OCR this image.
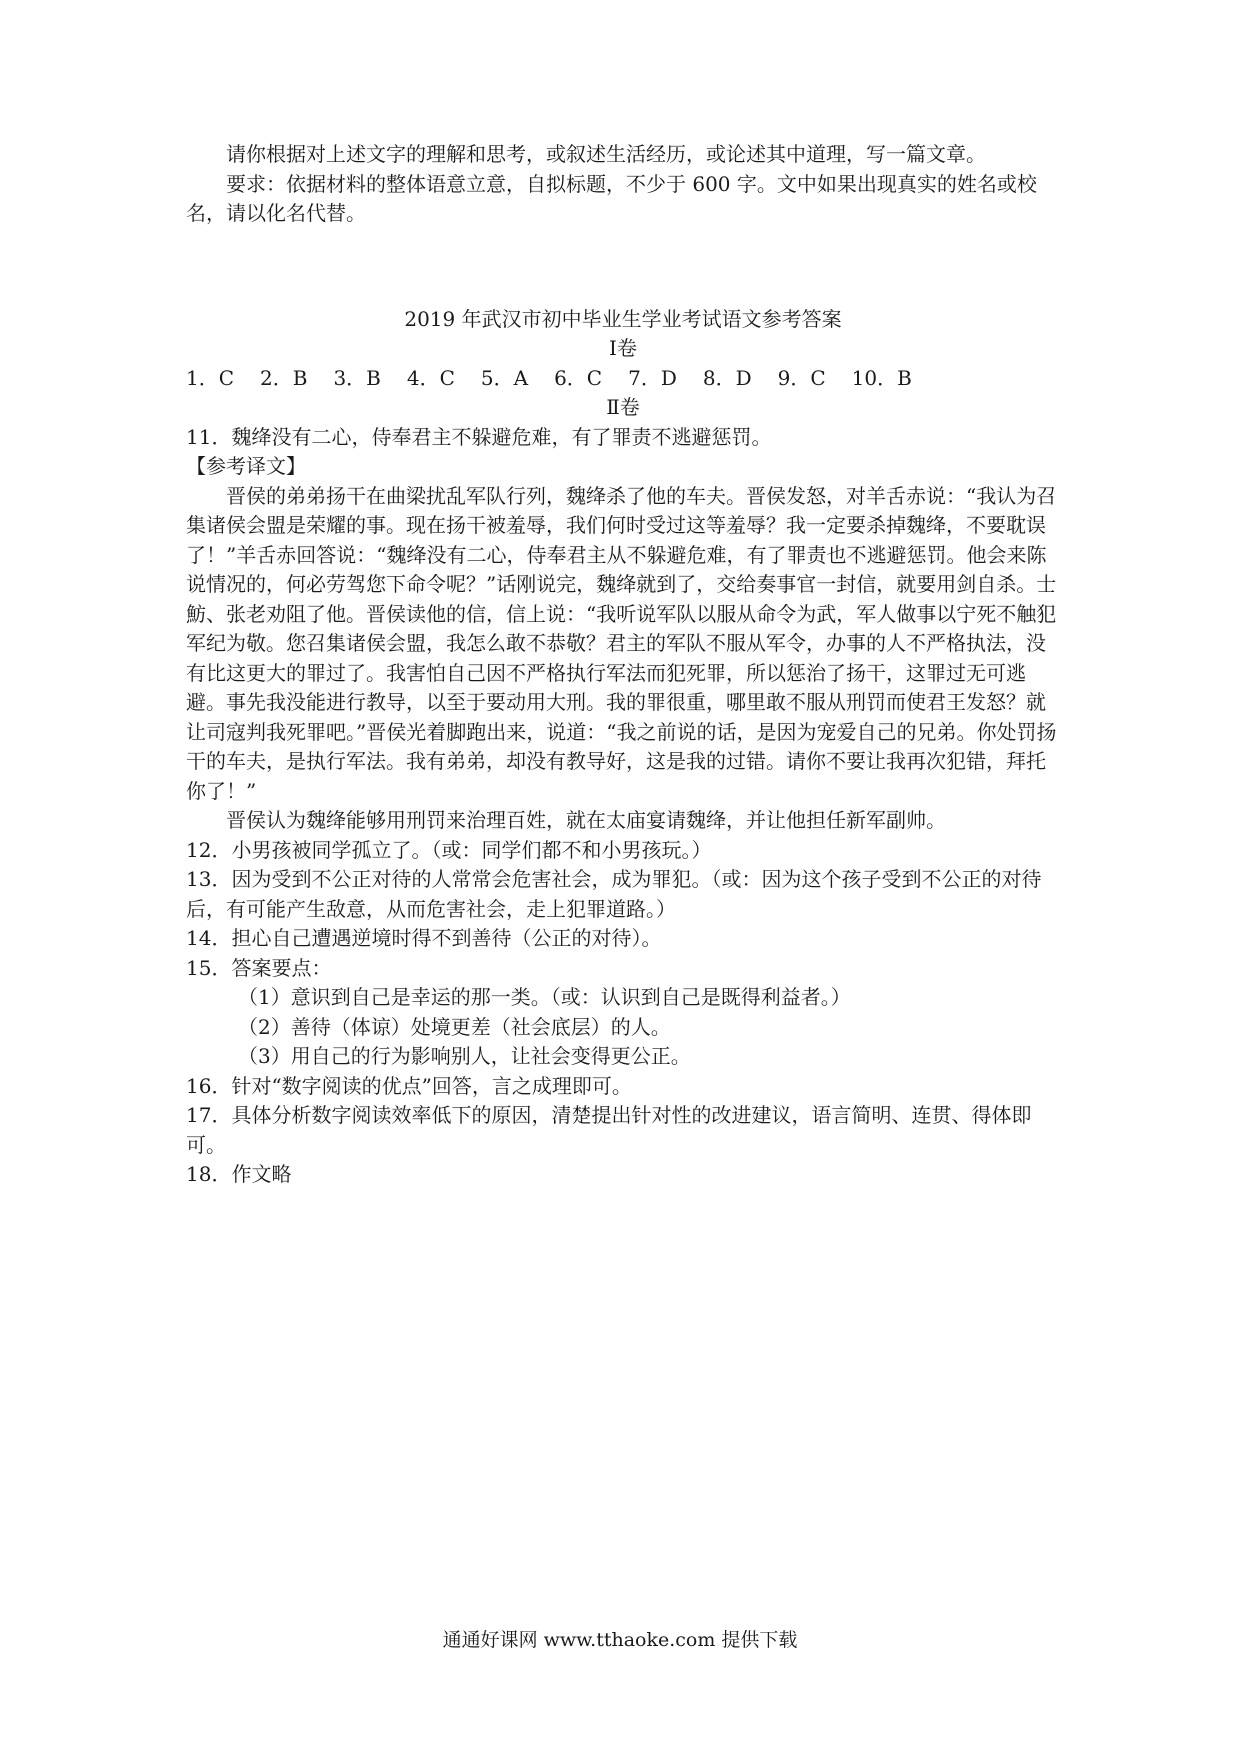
请你根据对上述文字的理解和思考，或叙述生活经历，或论述其中道理，写一篇文章。

要求：依据材料的整体语意立意，自拟标题，不少于 600 字。文中如果出现真实的姓名或校名，请以化名代替。

2019 年武汉市初中毕业生学业考试语文参考答案

Ⅰ卷

1．C 2．B 3．B 4．C 5．A 6．C 7．D 8．D 9．C 10．B

Ⅱ卷

11．魏绛没有二心，侍奉君主不躲避危难，有了罪责不逃避惩罚。

【参考译文】

晋侯的弟弟扬干在曲梁扰乱军队行列，魏绛杀了他的车夫。晋侯发怒，对羊舌赤说：“我认为召集诸侯会盟是荣耀的事。现在扬干被羞辱，我们何时受过这等羞辱？我一定要杀掉魏绛，不要耽误了！”羊舌赤回答说：“魏绛没有二心，侍奉君主从不躲避危难，有了罪责也不逃避惩罚。他会来陈说情况的，何必劳驾您下命令呢？”话刚说完，魏绛就到了，交给奏事官一封信，就要用剑自杀。士魴、张老劝阻了他。晋侯读他的信，信上说：“我听说军队以服从命令为武，军人做事以宁死不触犯军纪为敬。您召集诸侯会盟，我怎么敢不恭敬？君主的军队不服从军令，办事的人不严格执法，没有比这更大的罪过了。我害怕自己因不严格执行军法而犯死罪，所以惩治了扬干，这罪过无可逃避。事先我没能进行教导，以至于要动用大刑。我的罪很重，哪里敢不服从刑罚而使君王发怒？就让司寇判我死罪吧。”晋侯光着脚跑出来，说道：“我之前说的话，是因为宠爱自己的兄弟。你处罚扬干的车夫，是执行军法。我有弟弟，却没有教导好，这是我的过错。请你不要让我再次犯错，拜托你了！”

晋侯认为魏绛能够用刑罚来治理百姓，就在太庙宴请魏绛，并让他担任新军副帅。

12．小男孩被同学孤立了。（或：同学们都不和小男孩玩。）

13．因为受到不公正对待的人常常会危害社会，成为罪犯。（或：因为这个孩子受到不公正的对待后，有可能产生敌意，从而危害社会，走上犯罪道路。）

14．担心自己遭遇逆境时得不到善待（公正的对待）。

15．答案要点：

（1）意识到自己是幸运的那一类。（或：认识到自己是既得利益者。）

（2）善待（体谅）处境更差（社会底层）的人。

（3）用自己的行为影响别人，让社会变得更公正。

16．针对“数字阅读的优点”回答，言之成理即可。

17．具体分析数字阅读效率低下的原因，清楚提出针对性的改进建议，语言简明、连贯、得体即可。

18．作文略

通通好课网 www.tthaoke.com 提供下载
